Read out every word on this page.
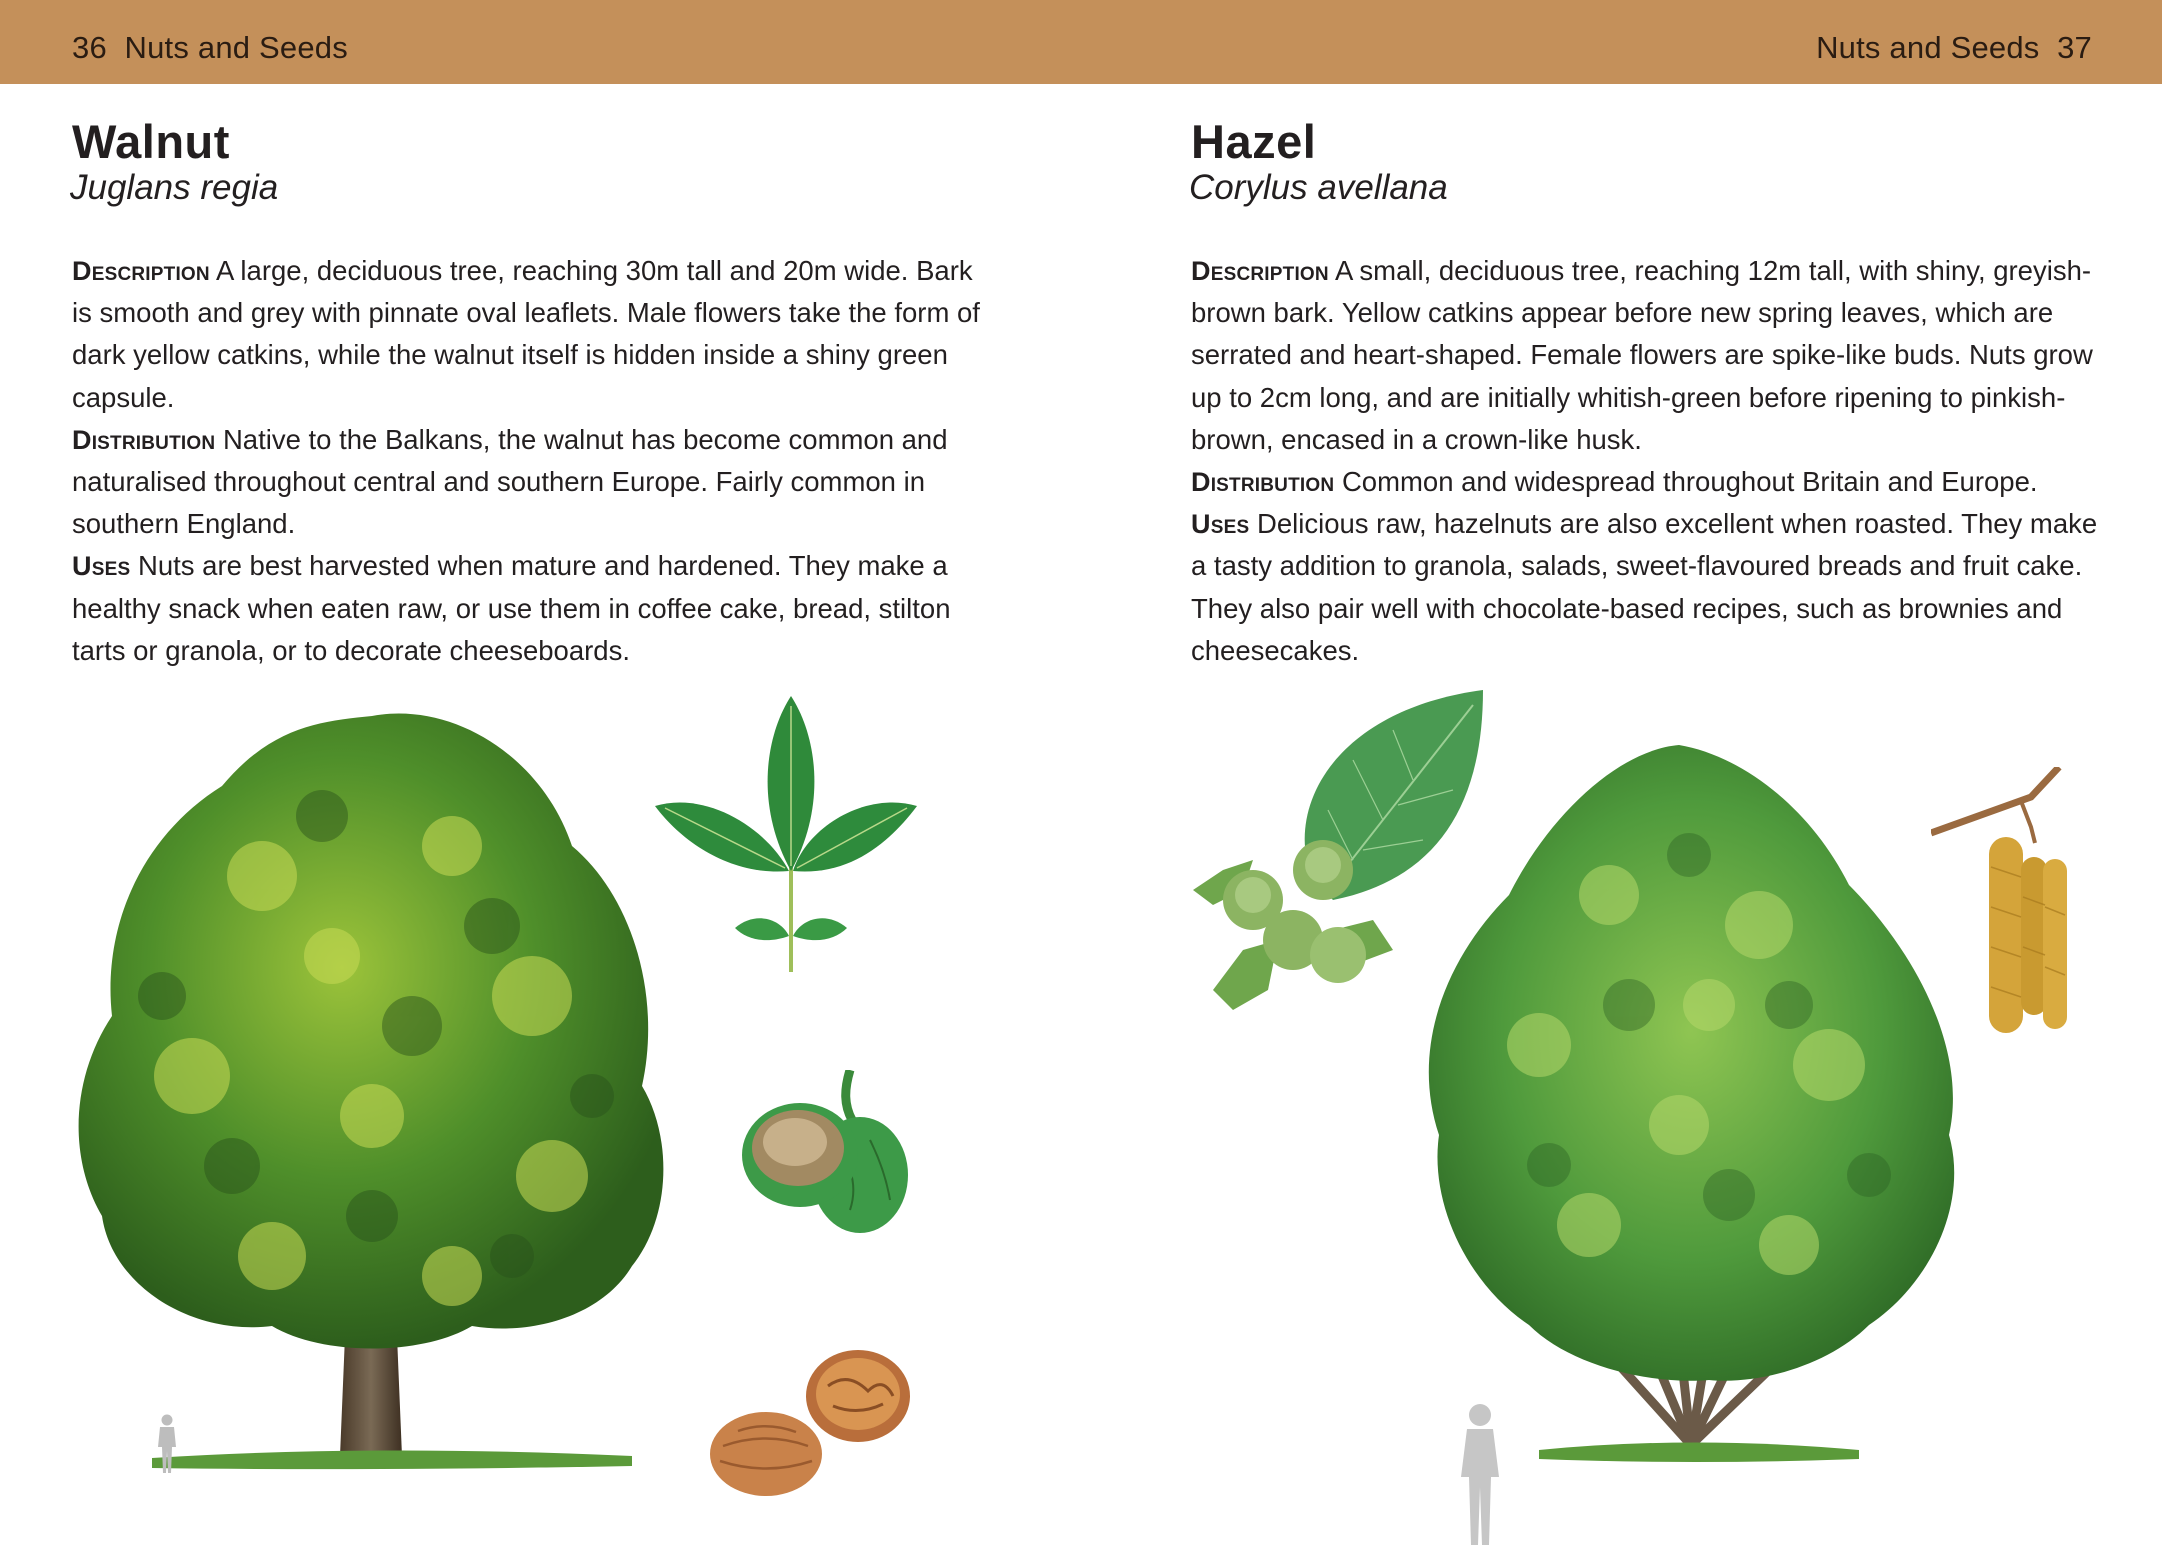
36 Nuts and Seeds	Nuts and Seeds 37
Walnut
Juglans regia

Description A large, deciduous tree, reaching 30m tall and 20m wide. Bark is smooth and grey with pinnate oval leaflets. Male flowers take the form of dark yellow catkins, while the walnut itself is hidden inside a shiny green capsule.

Distribution Native to the Balkans, the walnut has become common and naturalised throughout central and southern Europe. Fairly common in southern England.

Uses Nuts are best harvested when mature and hardened. They make a healthy snack when eaten raw, or use them in coffee cake, bread, stilton tarts or granola, or to decorate cheeseboards.

Hazel
Corylus avellana

Description A small, deciduous tree, reaching 12m tall, with shiny, greyish-brown bark. Yellow catkins appear before new spring leaves, which are serrated and heart-shaped. Female flowers are spike-like buds. Nuts grow up to 2cm long, and are initially whitish-green before ripening to pinkish-brown, encased in a crown-like husk.

Distribution Common and widespread throughout Britain and Europe.

Uses Delicious raw, hazelnuts are also excellent when roasted. They make a tasty addition to granola, salads, sweet-flavoured breads and fruit cake. They also pair well with chocolate-based recipes, such as brownies and cheesecakes.
